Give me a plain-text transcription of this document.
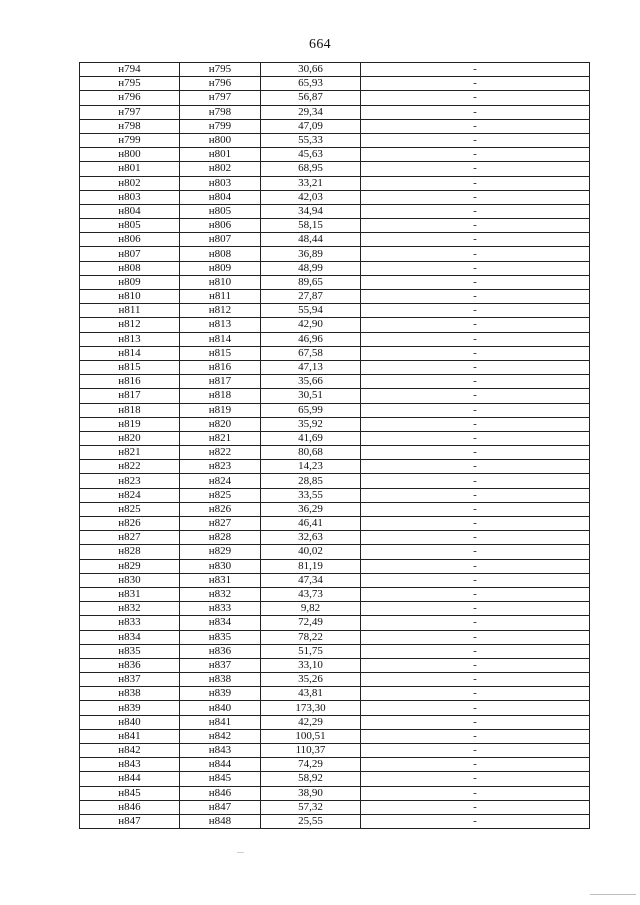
664
н794	н795	30,66	-
н795	н796	65,93	-
н796	н797	56,87	-
н797	н798	29,34	-
н798	н799	47,09	-
н799	н800	55,33	-
н800	н801	45,63	-
н801	н802	68,95	-
н802	н803	33,21	-
н803	н804	42,03	-
н804	н805	34,94	-
н805	н806	58,15	-
н806	н807	48,44	-
н807	н808	36,89	-
н808	н809	48,99	-
н809	н810	89,65	-
н810	н811	27,87	-
н811	н812	55,94	-
н812	н813	42,90	-
н813	н814	46,96	-
н814	н815	67,58	-
н815	н816	47,13	-
н816	н817	35,66	-
н817	н818	30,51	-
н818	н819	65,99	-
н819	н820	35,92	-
н820	н821	41,69	-
н821	н822	80,68	-
н822	н823	14,23	-
н823	н824	28,85	-
н824	н825	33,55	-
н825	н826	36,29	-
н826	н827	46,41	-
н827	н828	32,63	-
н828	н829	40,02	-
н829	н830	81,19	-
н830	н831	47,34	-
н831	н832	43,73	-
н832	н833	9,82	-
н833	н834	72,49	-
н834	н835	78,22	-
н835	н836	51,75	-
н836	н837	33,10	-
н837	н838	35,26	-
н838	н839	43,81	-
н839	н840	173,30	-
н840	н841	42,29	-
н841	н842	100,51	-
н842	н843	110,37	-
н843	н844	74,29	-
н844	н845	58,92	-
н845	н846	38,90	-
н846	н847	57,32	-
н847	н848	25,55	-
